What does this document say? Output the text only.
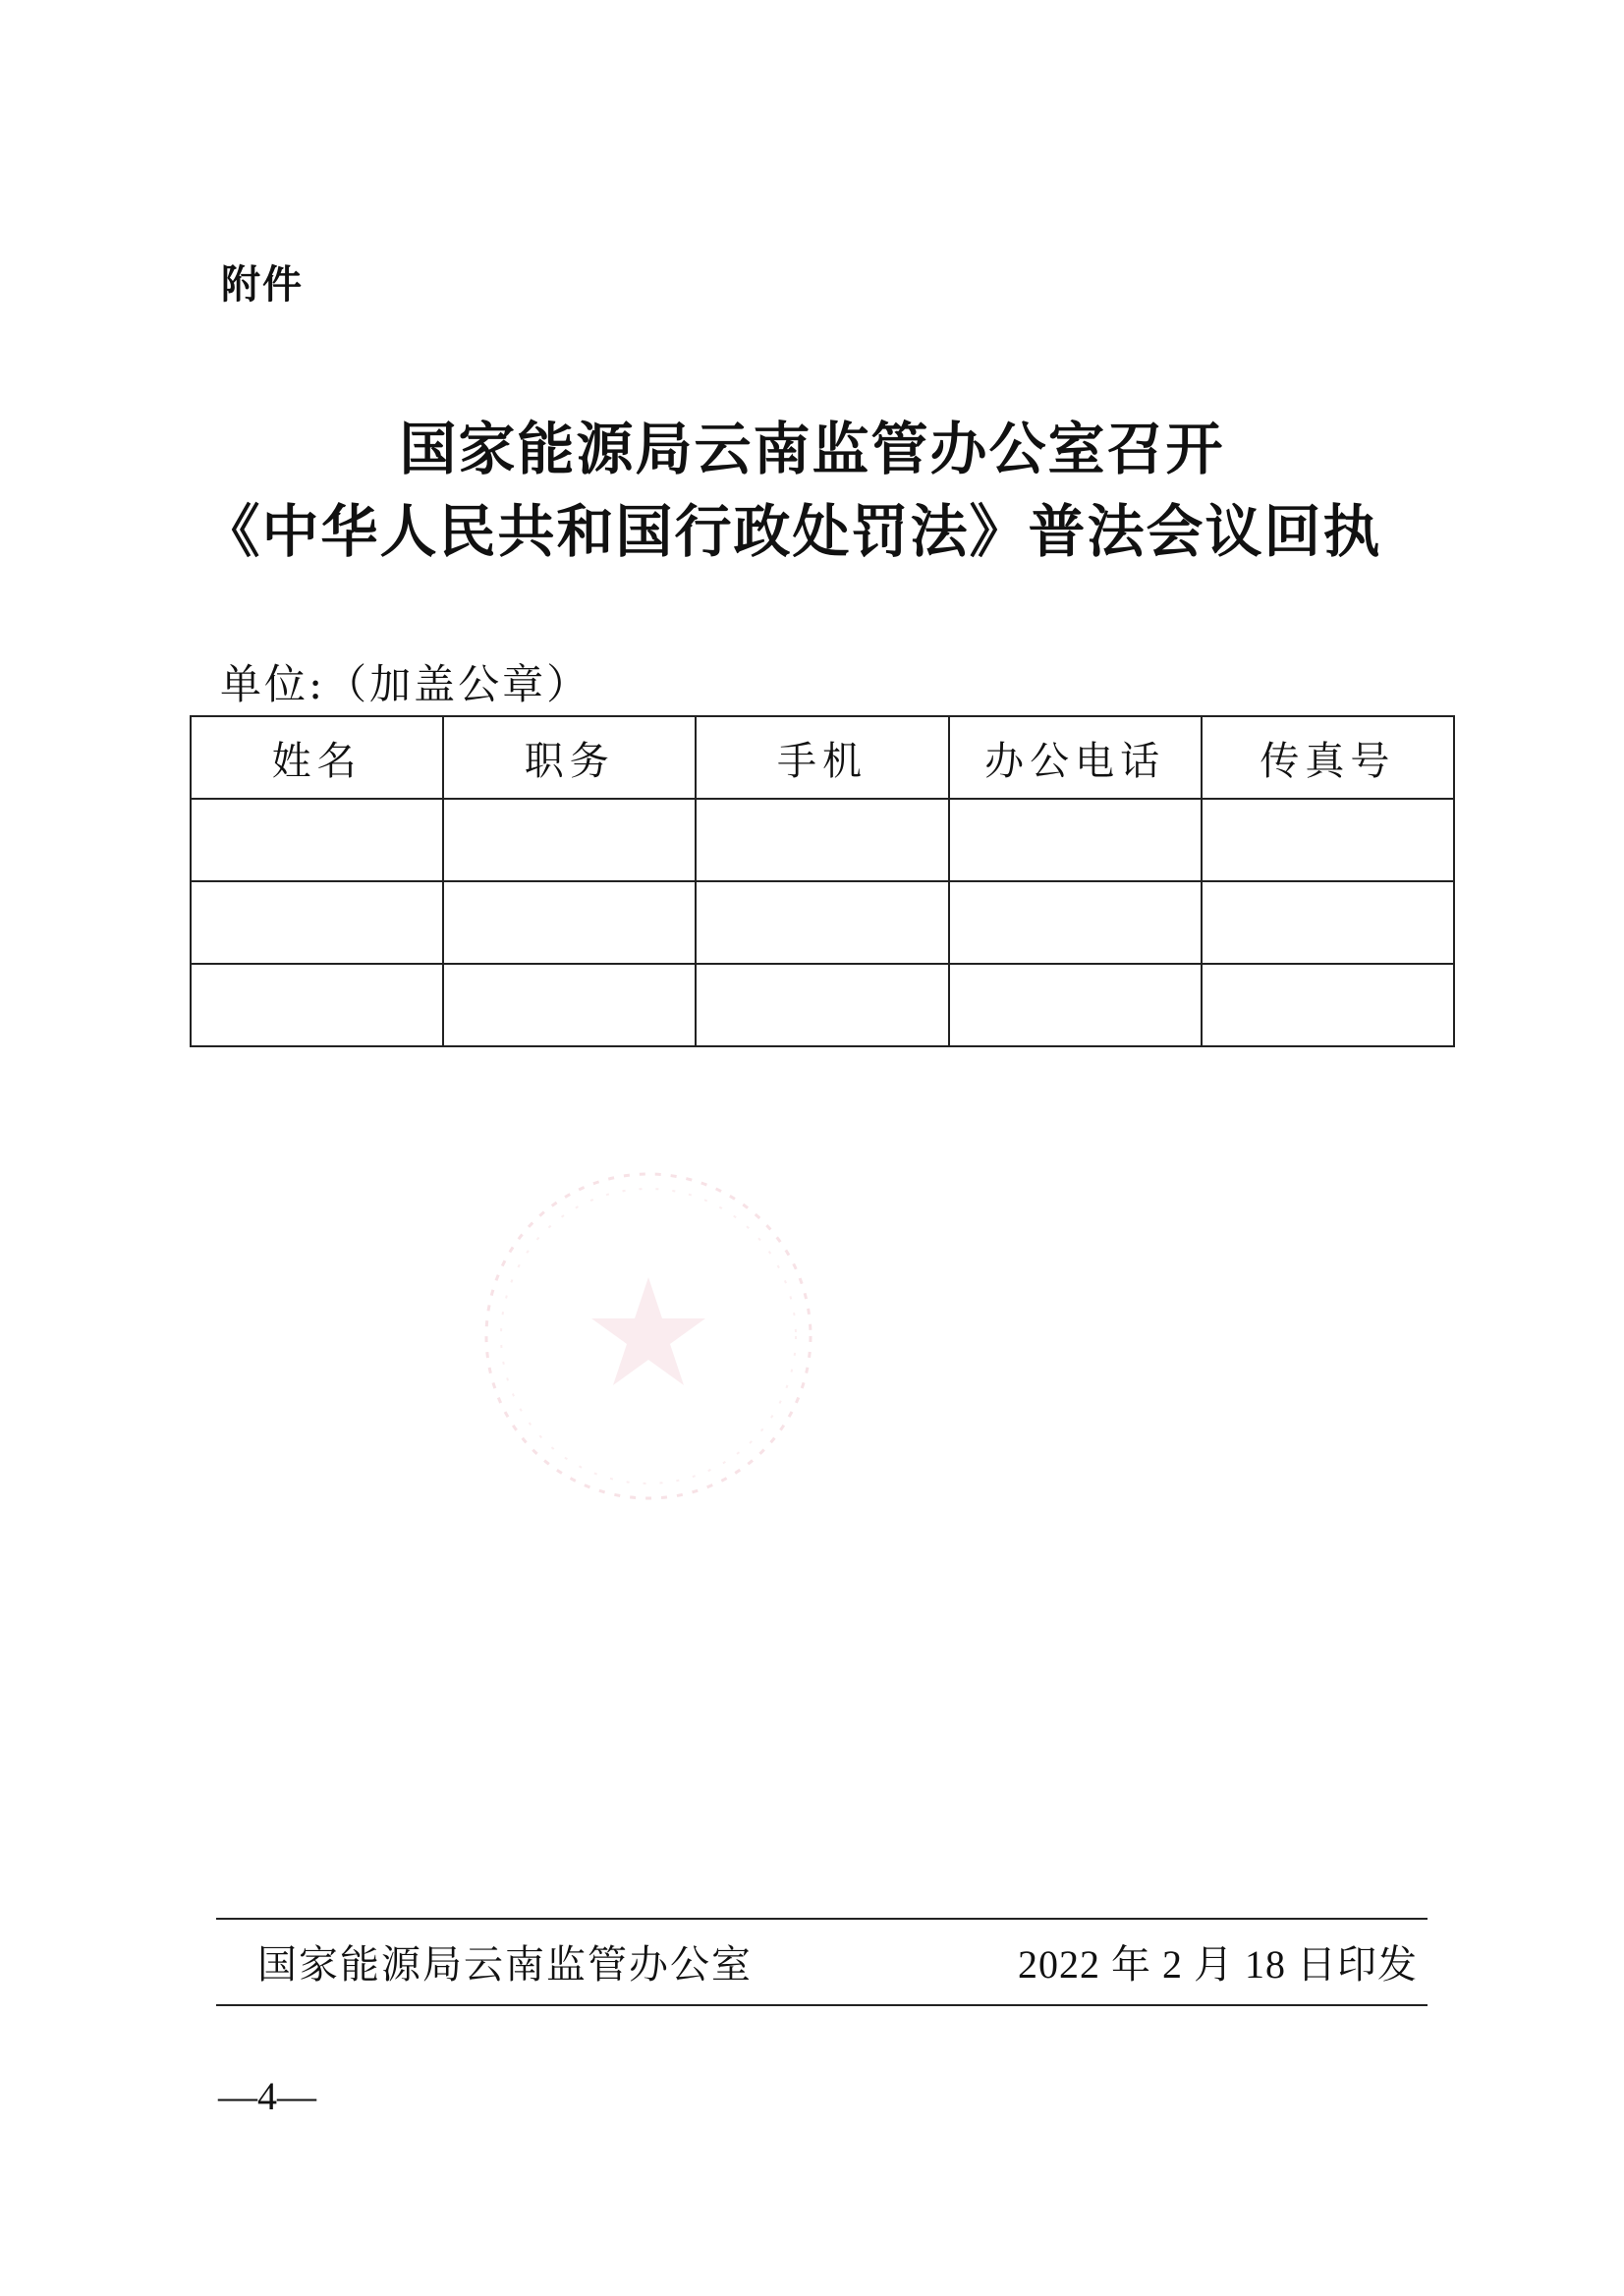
附件
国家能源局云南监管办公室召开
《中华人民共和国行政处罚法》普法会议回执
单位:（加盖公章）
姓名	职务	手机	办公电话	传真号

国家能源局云南监管办公室	2022 年 2 月 18 日印发
—4—
